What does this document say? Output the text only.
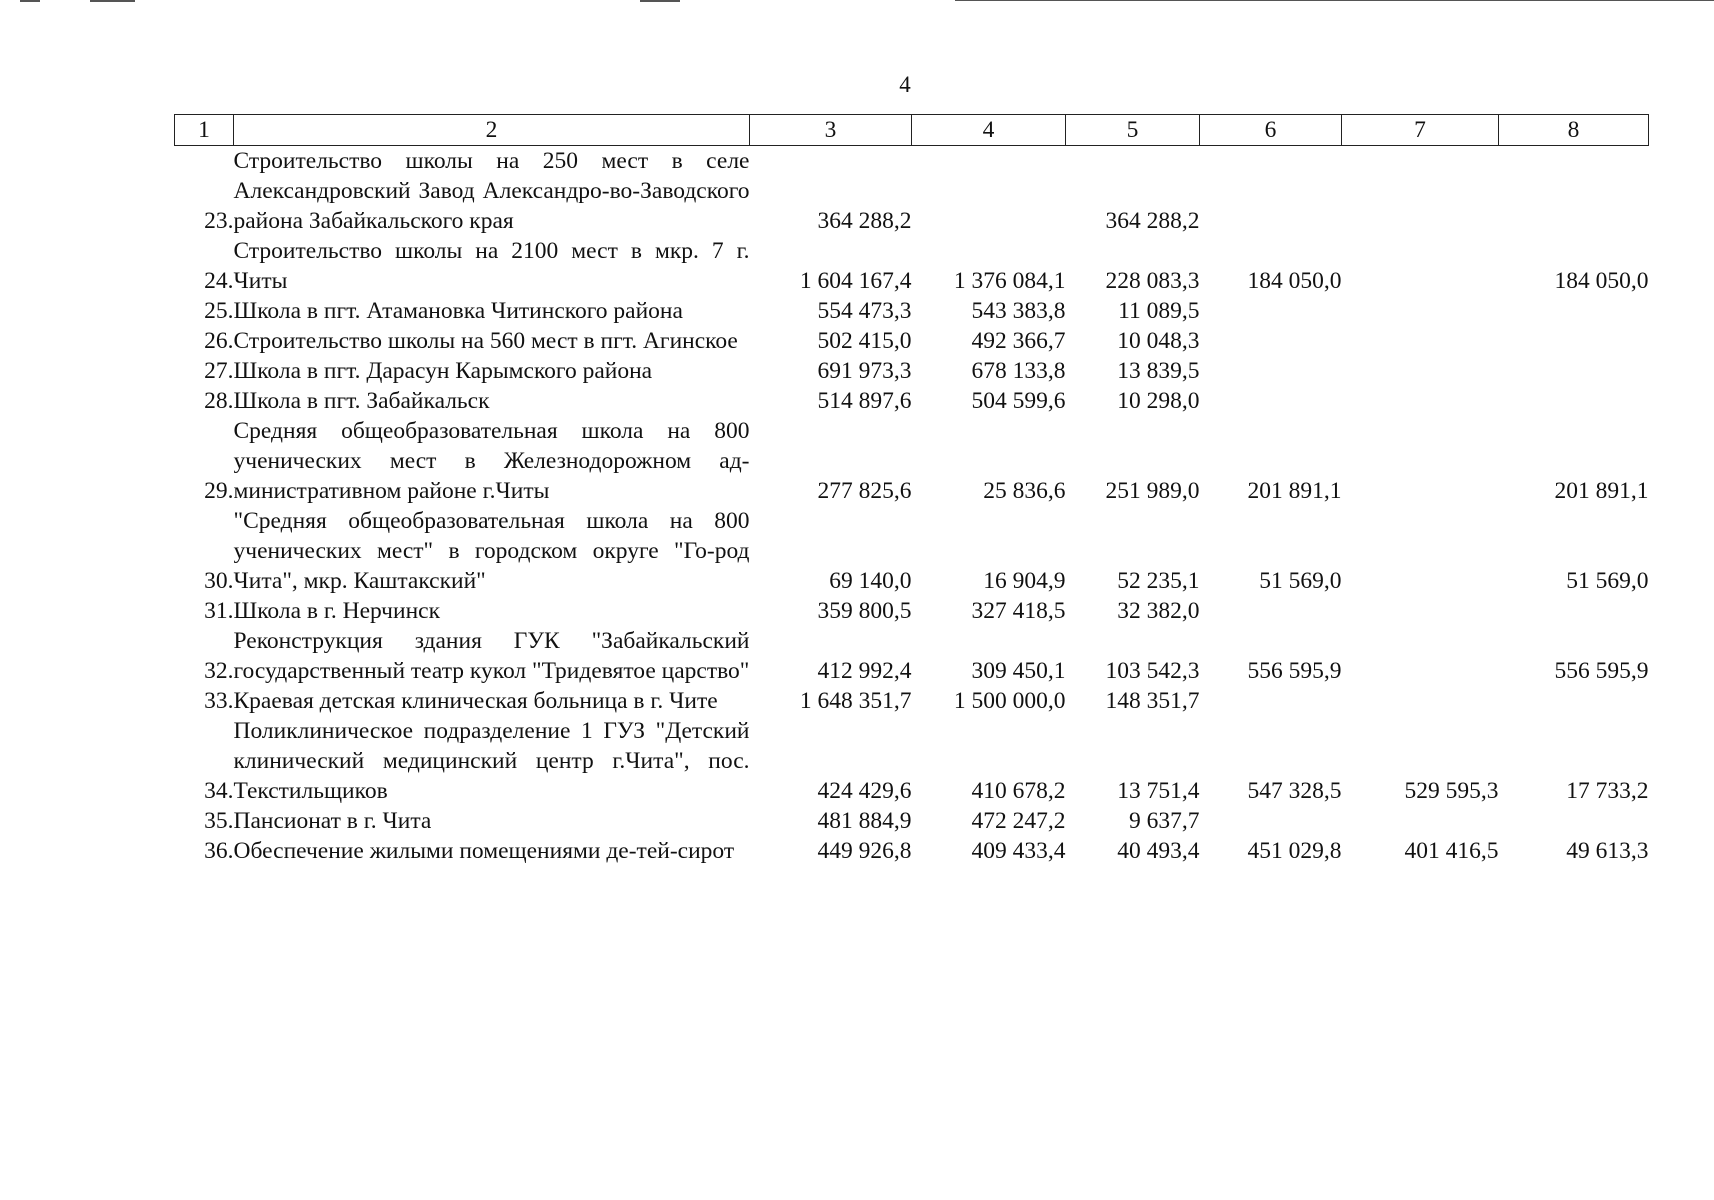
4
1	2	3	4	5	6	7	8
23.	Строительство школы на 250 мест в селе Александровский Завод Александро-во-Заводского района Забайкальского края	364 288,2		364 288,2			
24.	Строительство школы на 2100 мест в мкр. 7 г. Читы	1 604 167,4	1 376 084,1	228 083,3	184 050,0		184 050,0
25.	Школа в пгт. Атамановка Читинского района	554 473,3	543 383,8	11 089,5			
26.	Строительство школы на 560 мест в пгт. Агинское	502 415,0	492 366,7	10 048,3			
27.	Школа в пгт. Дарасун Карымского района	691 973,3	678 133,8	13 839,5			
28.	Школа в пгт. Забайкальск	514 897,6	504 599,6	10 298,0			
29.	Средняя общеобразовательная школа на 800 ученических мест в Железнодорожном ад-министративном районе г.Читы	277 825,6	25 836,6	251 989,0	201 891,1		201 891,1
30.	"Средняя общеобразовательная школа на 800 ученических мест" в городском округе "Го-род Чита", мкр. Каштакский"	69 140,0	16 904,9	52 235,1	51 569,0		51 569,0
31.	Школа в г. Нерчинск	359 800,5	327 418,5	32 382,0			
32.	Реконструкция здания ГУК "Забайкальский государственный театр кукол "Тридевятое царство"	412 992,4	309 450,1	103 542,3	556 595,9		556 595,9
33.	Краевая детская клиническая больница в г. Чите	1 648 351,7	1 500 000,0	148 351,7			
34.	Поликлиническое подразделение 1 ГУЗ "Детский клинический медицинский центр г.Чита", пос. Текстильщиков	424 429,6	410 678,2	13 751,4	547 328,5	529 595,3	17 733,2
35.	Пансионат в г. Чита	481 884,9	472 247,2	9 637,7			
36.	Обеспечение жилыми помещениями де-тей-сирот	449 926,8	409 433,4	40 493,4	451 029,8	401 416,5	49 613,3
